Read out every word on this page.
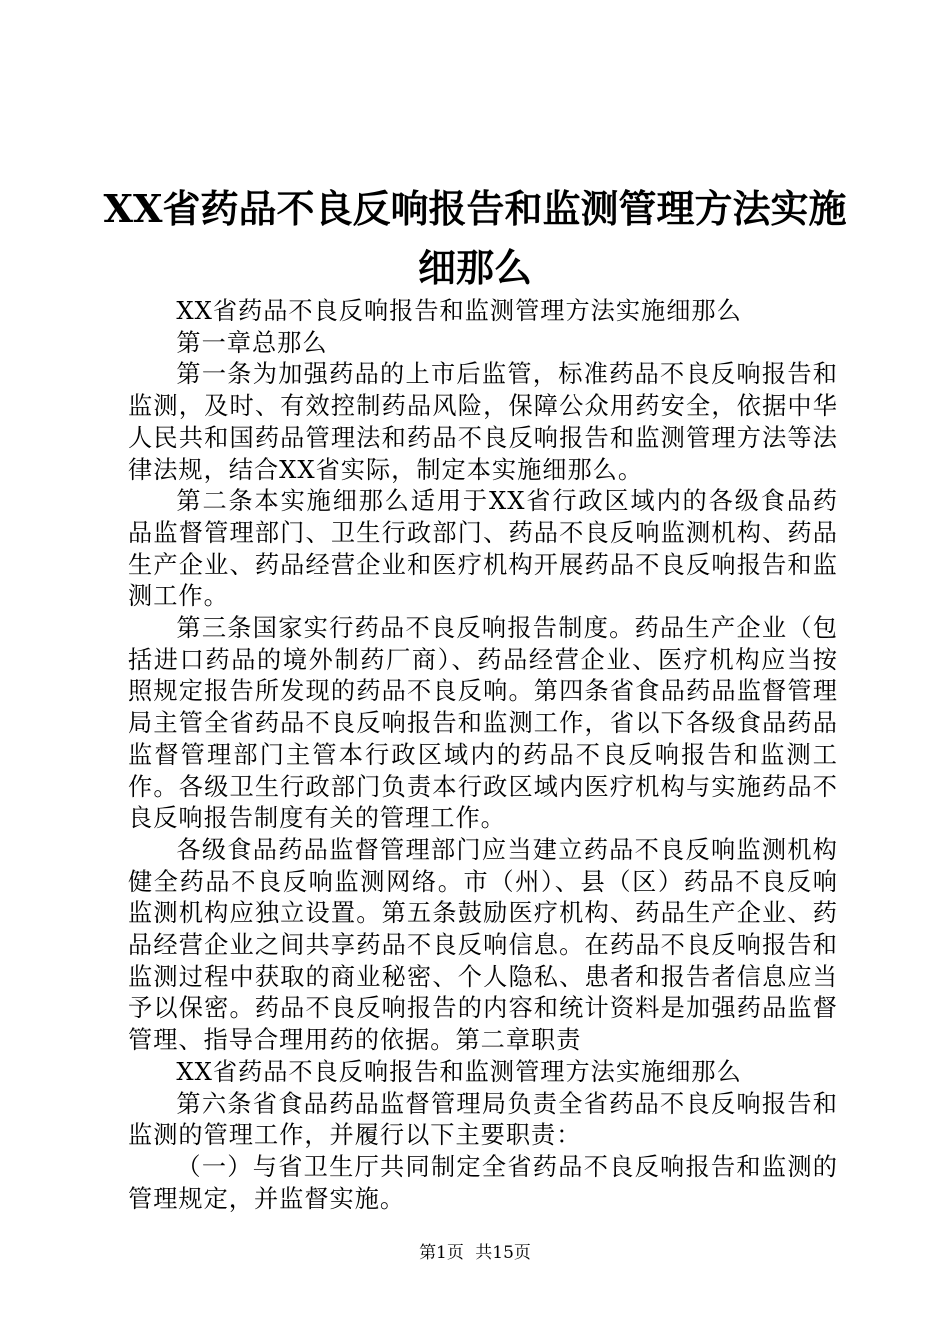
XX省药品不良反响报告和监测管理方法实施
细那么

XX省药品不良反响报告和监测管理方法实施细那么

第一章总那么

第一条为加强药品的上市后监管，标准药品不良反响报告和监测，及时、有效控制药品风险，保障公众用药安全，依据中华人民共和国药品管理法和药品不良反响报告和监测管理方法等法律法规，结合XX省实际，制定本实施细那么。

第二条本实施细那么适用于XX省行政区域内的各级食品药品监督管理部门、卫生行政部门、药品不良反响监测机构、药品生产企业、药品经营企业和医疗机构开展药品不良反响报告和监测工作。

第三条国家实行药品不良反响报告制度。药品生产企业（包括进口药品的境外制药厂商）、药品经营企业、医疗机构应当按照规定报告所发现的药品不良反响。第四条省食品药品监督管理局主管全省药品不良反响报告和监测工作，省以下各级食品药品监督管理部门主管本行政区域内的药品不良反响报告和监测工作。各级卫生行政部门负责本行政区域内医疗机构与实施药品不良反响报告制度有关的管理工作。

各级食品药品监督管理部门应当建立药品不良反响监测机构健全药品不良反响监测网络。市（州）、县（区）药品不良反响监测机构应独立设置。第五条鼓励医疗机构、药品生产企业、药品经营企业之间共享药品不良反响信息。在药品不良反响报告和监测过程中获取的商业秘密、个人隐私、患者和报告者信息应当予以保密。药品不良反响报告的内容和统计资料是加强药品监督管理、指导合理用药的依据。第二章职责

XX省药品不良反响报告和监测管理方法实施细那么

第六条省食品药品监督管理局负责全省药品不良反响报告和监测的管理工作，并履行以下主要职责：

（一）与省卫生厅共同制定全省药品不良反响报告和监测的管理规定，并监督实施。

第1页 共15页
